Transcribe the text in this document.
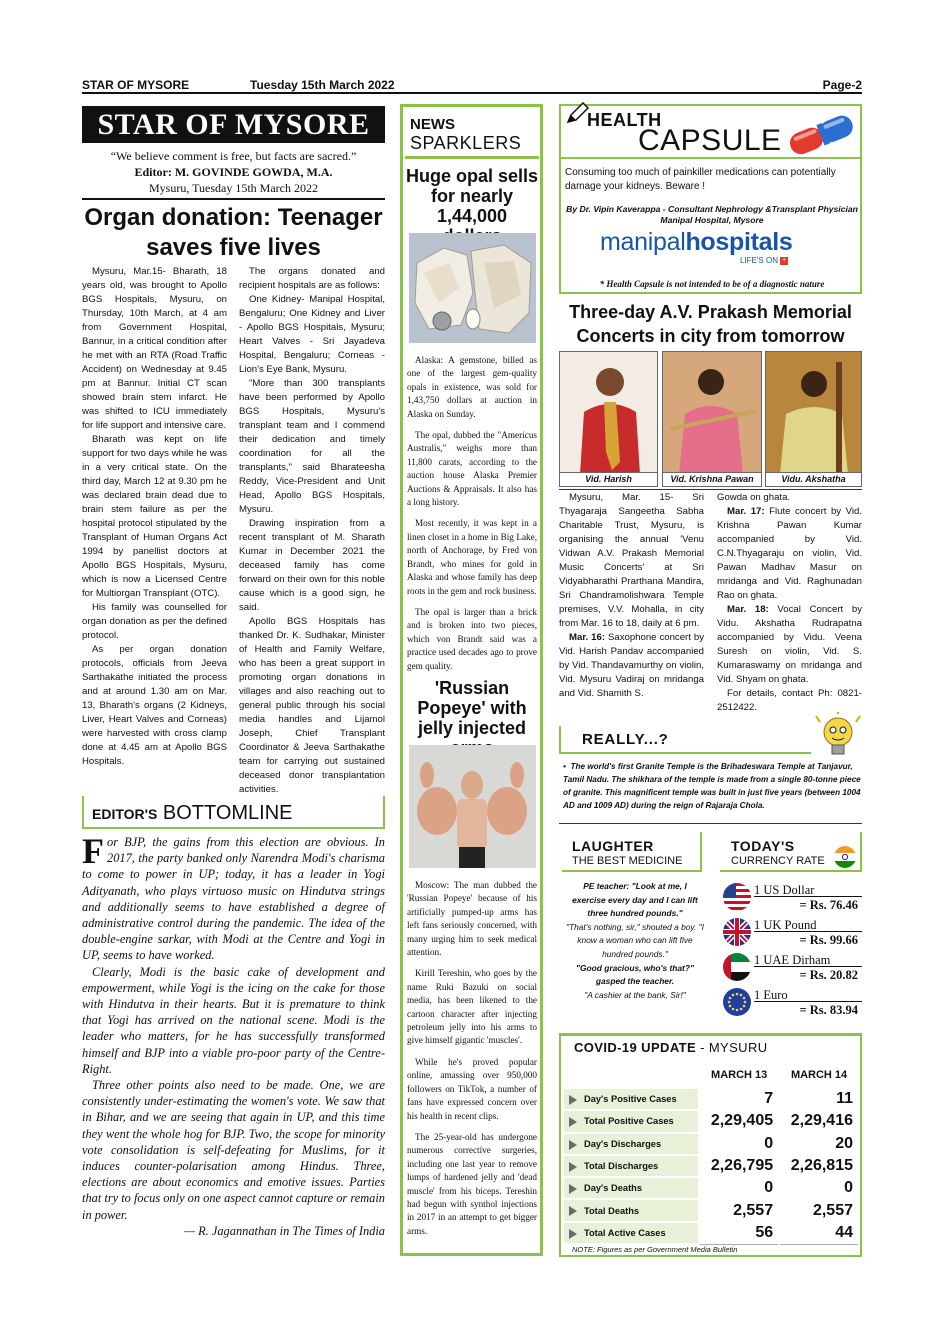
STAR OF MYSORE	Tuesday 15th March 2022	Page-2
STAR OF MYSORE
“We believe comment is free, but facts are sacred.”
Editor: M. GOVINDE GOWDA, M.A.
Mysuru, Tuesday 15th March 2022
Organ donation: Teenager saves five lives

Mysuru, Mar.15- Bharath, 18 years old, was brought to Apollo BGS Hospitals, Mysuru, on Thursday, 10th March, at 4 am from Government Hospital, Bannur, in a critical condition after he met with an RTA (Road Traffic Accident) on Wednesday at 9.45 pm at Bannur. Initial CT scan showed brain stem infarct. He was shifted to ICU immediately for life support and intensive care.

Bharath was kept on life support for two days while he was in a very critical state. On the third day, March 12 at 9.30 pm he was declared brain dead due to brain stem failure as per the hospital protocol stipulated by the Transplant of Human Organs Act 1994 by panellist doctors at Apollo BGS Hospitals, Mysuru, which is now a Licensed Centre for Multiorgan Transplant (OTC).

His family was counselled for organ donation as per the defined protocol.

As per organ donation protocols, officials from Jeeva Sarthakathe initiated the process and at around 1.30 am on Mar. 13, Bharath's organs (2 Kidneys, Liver, Heart Valves and Corneas) were harvested with cross clamp done at 4.45 am at Apollo BGS Hospitals.

The organs donated and recipient hospitals are as follows:

One Kidney- Manipal Hospital, Bengaluru; One Kidney and Liver - Apollo BGS Hospitals, Mysuru; Heart Valves - Sri Jayadeva Hospital, Bengaluru; Corneas - Lion's Eye Bank, Mysuru.

"More than 300 transplants have been performed by Apollo BGS Hospitals, Mysuru's transplant team and I commend their dedication and timely coordination for all the transplants," said Bharateesha Reddy, Vice-President and Unit Head, Apollo BGS Hospitals, Mysuru.

Drawing inspiration from a recent transplant of M. Sharath Kumar in December 2021 the deceased family has come forward on their own for this noble cause which is a good sign, he said.

Apollo BGS Hospitals has thanked Dr. K. Sudhakar, Minister of Health and Family Welfare, who has been a great support in promoting organ donations in villages and also reaching out to general public through his social media handles and Lijamol Joseph, Chief Transplant Coordinator & Jeeva Sarthakathe team for carrying out sustained deceased donor transplantation activities.

EDITOR'S BOTTOMLINE

For BJP, the gains from this election are obvious. In 2017, the party banked only Narendra Modi's charisma to come to power in UP; today, it has a leader in Yogi Adityanath, who plays virtuoso music on Hindutva strings and additionally seems to have established a degree of administrative control during the pandemic. The idea of the double-engine sarkar, with Modi at the Centre and Yogi in UP, seems to have worked.

Clearly, Modi is the basic cake of development and empowerment, while Yogi is the icing on the cake for those with Hindutva in their hearts. But it is premature to think that Yogi has arrived on the national scene. Modi is the leader who matters, for he has successfully transformed himself and BJP into a viable pro-poor party of the Centre-Right.

Three other points also need to be made. One, we are consistently under-estimating the women's vote. We saw that in Bihar, and we are seeing that again in UP, and this time they went the whole hog for BJP. Two, the scope for minority vote consolidation is self-defeating for Muslims, for it induces counter-polarisation among Hindus. Three, elections are about economics and emotive issues. Parties that try to focus only on one aspect cannot capture or remain in power.

— R. Jagannathan in The Times of India

NEWS
SPARKLERS
Huge opal sells for nearly 1,44,000

Alaska: A gemstone, billed as one of the largest gem-quality opals in existence, was sold for 1,43,750 dollars at auction in Alaska on Sunday.

The opal, dubbed the "Americus Australis," weighs more than 11,800 carats, according to the auction house Alaska Premier Auctions & Appraisals. It also has a long history.

Most recently, it was kept in a linen closet in a home in Big Lake, north of Anchorage, by Fred von Brandt, who mines for gold in Alaska and whose family has deep roots in the gem and rock business.

The opal is larger than a brick and is broken into two pieces, which von Brandt said was a practice used decades ago to prove gem quality.

'Russian Popeye' with jelly injected

Moscow: The man dubbed the 'Russian Popeye' because of his artificially pumped-up arms has left fans seriously concerned, with many urging him to seek medical attention.

Kirill Tereshin, who goes by the name Ruki Bazuki on social media, has been likened to the cartoon character after injecting petroleum jelly into his arms to give himself gigantic 'muscles'.

While he's proved popular online, amassing over 950,000 followers on TikTok, a number of fans have expressed concern over his health in recent clips.

The 25-year-old has undergone numerous corrective surgeries, including one last year to remove lumps of hardened jelly and 'dead muscle' from his biceps. Tereshin had begun with synthol injections in 2017 in an attempt to get bigger arms.

HEALTH
CAPSULE
Consuming too much of painkiller medications can potentially damage your kidneys. Beware !
By Dr. Vipin Kaverappa - Consultant Nephrology &Transplant Physician
Manipal Hospital, Mysore
manipalhospitals
LIFE'S ON +
* Health Capsule is not intended to be of a diagnostic nature
Three-day A.V. Prakash Memorial Concerts in city from tomorrow
Vid. Harish	Vid. Krishna Pawan	Vidu. Akshatha

Mysuru, Mar. 15- Sri Thyagaraja Sangeetha Sabha Charitable Trust, Mysuru, is organising the annual 'Venu Vidwan A.V. Prakash Memorial Music Concerts' at Sri Vidyabharathi Prarthana Mandira, Sri Chandramolishwara Temple premises, V.V. Mohalla, in city from Mar. 16 to 18, daily at 6 pm.

Mar. 16: Saxophone concert by Vid. Harish Pandav accompanied by Vid. Thandavamurthy on violin, Vid. Mysuru Vadiraj on mridanga and Vid. Shamith S.

Gowda on ghata.

Mar. 17: Flute concert by Vid. Krishna Pawan Kumar accompanied by Vid. C.N.Thyagaraju on violin, Vid. Pawan Madhav Masur on mridanga and Vid. Raghunadan Rao on ghata.

Mar. 18: Vocal Concert by Vidu. Akshatha Rudrapatna accompanied by Vidu. Veena Suresh on violin, Vid. S. Kumaraswamy on mridanga and Vid. Shyam on ghata.

For details, contact Ph: 0821-2512422.

REALLY...?
• The world's first Granite Temple is the Brihadeswara Temple at Tanjavur, Tamil Nadu. The shikhara of the temple is made from a single 80-tonne piece of granite. This magnificent temple was built in just five years (between 1004 AD and 1009 AD) during the reign of Rajaraja Chola.
LAUGHTER
THE BEST MEDICINE
PE teacher: "Look at me, I exercise every day and I can lift three hundred pounds."
"That's nothing, sir," shouted a boy. "I know a woman who can lift five hundred pounds."
"Good gracious, who's that?" gasped the teacher.
"A cashier at the bank, Sir!"
TODAY'S
CURRENCY RATE
1 US Dollar
= Rs. 76.46
1 UK Pound
= Rs. 99.66
1 UAE Dirham
= Rs. 20.82
1 Euro
= Rs. 83.94
COVID-19 UPDATE - MYSURU
	MARCH 13	MARCH 14
Day's Positive Cases	7	11
Total Positive Cases	2,29,405	2,29,416
Day's Discharges	0	20
Total Discharges	2,26,795	2,26,815
Day's Deaths	0	0
Total Deaths	2,557	2,557
Total Active Cases	56	44
NOTE: Figures as per Government Media Bulletin
